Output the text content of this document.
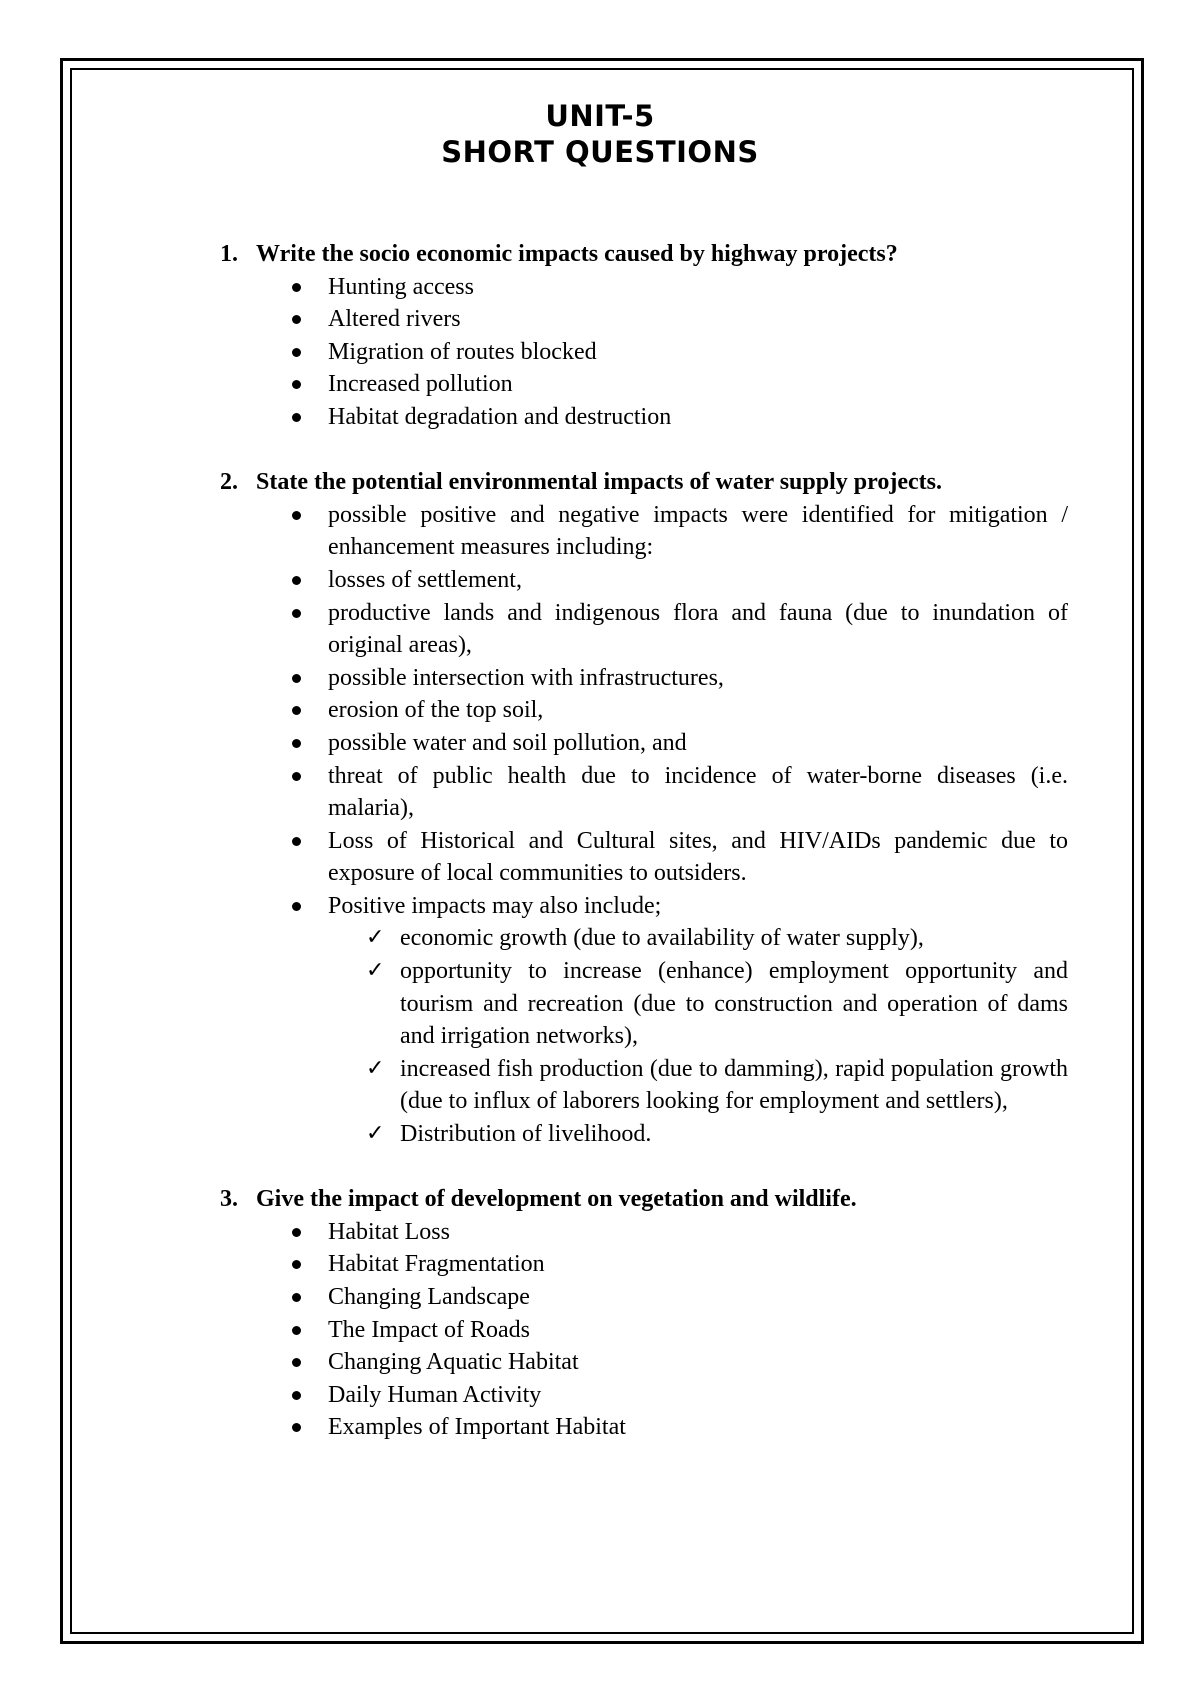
UNIT-5
SHORT QUESTIONS

1. Write the socio economic impacts caused by highway projects?

Hunting access
Altered rivers
Migration of routes blocked
Increased pollution
Habitat degradation and destruction

2. State the potential environmental impacts of water supply projects.

possible positive and negative impacts were identified for mitigation / enhancement measures including:
losses of settlement,
productive lands and indigenous flora and fauna (due to inundation of original areas),
possible intersection with infrastructures,
erosion of the top soil,
possible water and soil pollution, and
threat of public health due to incidence of water-borne diseases (i.e. malaria),
Loss of Historical and Cultural sites, and HIV/AIDs pandemic due to exposure of local communities to outsiders.
Positive impacts may also include;
✓ economic growth (due to availability of water supply),
✓ opportunity to increase (enhance) employment opportunity and tourism and recreation (due to construction and operation of dams and irrigation networks),
✓ increased fish production (due to damming), rapid population growth (due to influx of laborers looking for employment and settlers),
✓ Distribution of livelihood.

3. Give the impact of development on vegetation and wildlife.

Habitat Loss
Habitat Fragmentation
Changing Landscape
The Impact of Roads
Changing Aquatic Habitat
Daily Human Activity
Examples of Important Habitat
